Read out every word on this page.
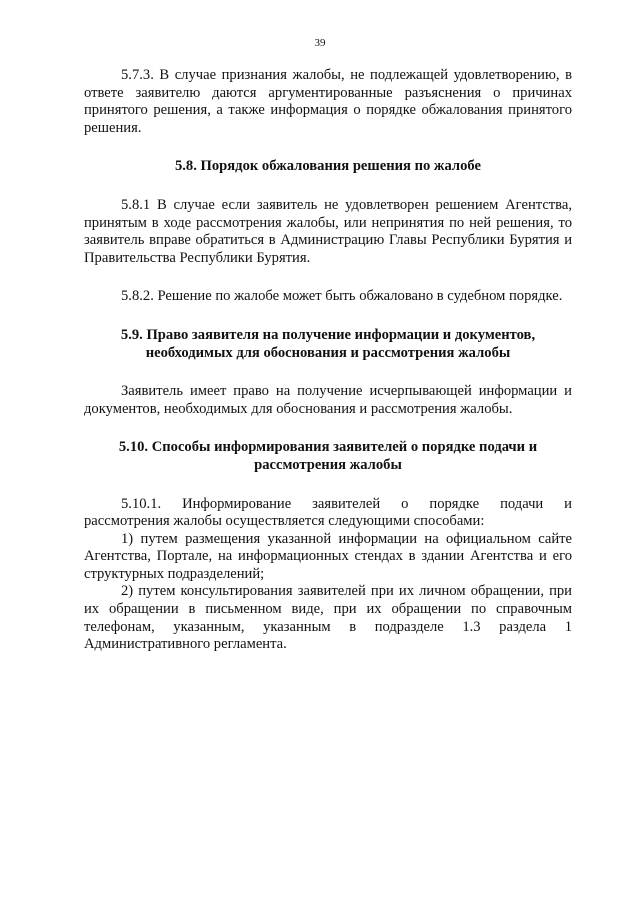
39

5.7.3. В случае признания жалобы, не подлежащей удовлетворению, в ответе заявителю даются аргументированные разъяснения о причинах принятого решения, а также информация о порядке обжалования принятого решения.

5.8. Порядок обжалования решения по жалобе

5.8.1 В случае если заявитель не удовлетворен решением Агентства, принятым в ходе рассмотрения жалобы, или непринятия по ней решения, то заявитель вправе обратиться в Администрацию Главы Республики Бурятия и Правительства Республики Бурятия.

5.8.2. Решение по жалобе может быть обжаловано в судебном порядке.

5.9. Право заявителя на получение информации и документов,
необходимых для обоснования и рассмотрения жалобы

Заявитель имеет право на получение исчерпывающей информации и документов, необходимых для обоснования и рассмотрения жалобы.

5.10. Способы информирования заявителей о порядке подачи и
рассмотрения жалобы

5.10.1. Информирование заявителей о порядке подачи и

рассмотрения жалобы осуществляется следующими способами:

1) путем размещения указанной информации на официальном сайте Агентства, Портале, на информационных стендах в здании Агентства и его структурных подразделений;

2) путем консультирования заявителей при их личном обращении, при их обращении в письменном виде, при их обращении по справочным телефонам, указанным, указанным в подразделе 1.3 раздела 1 Административного регламента.
